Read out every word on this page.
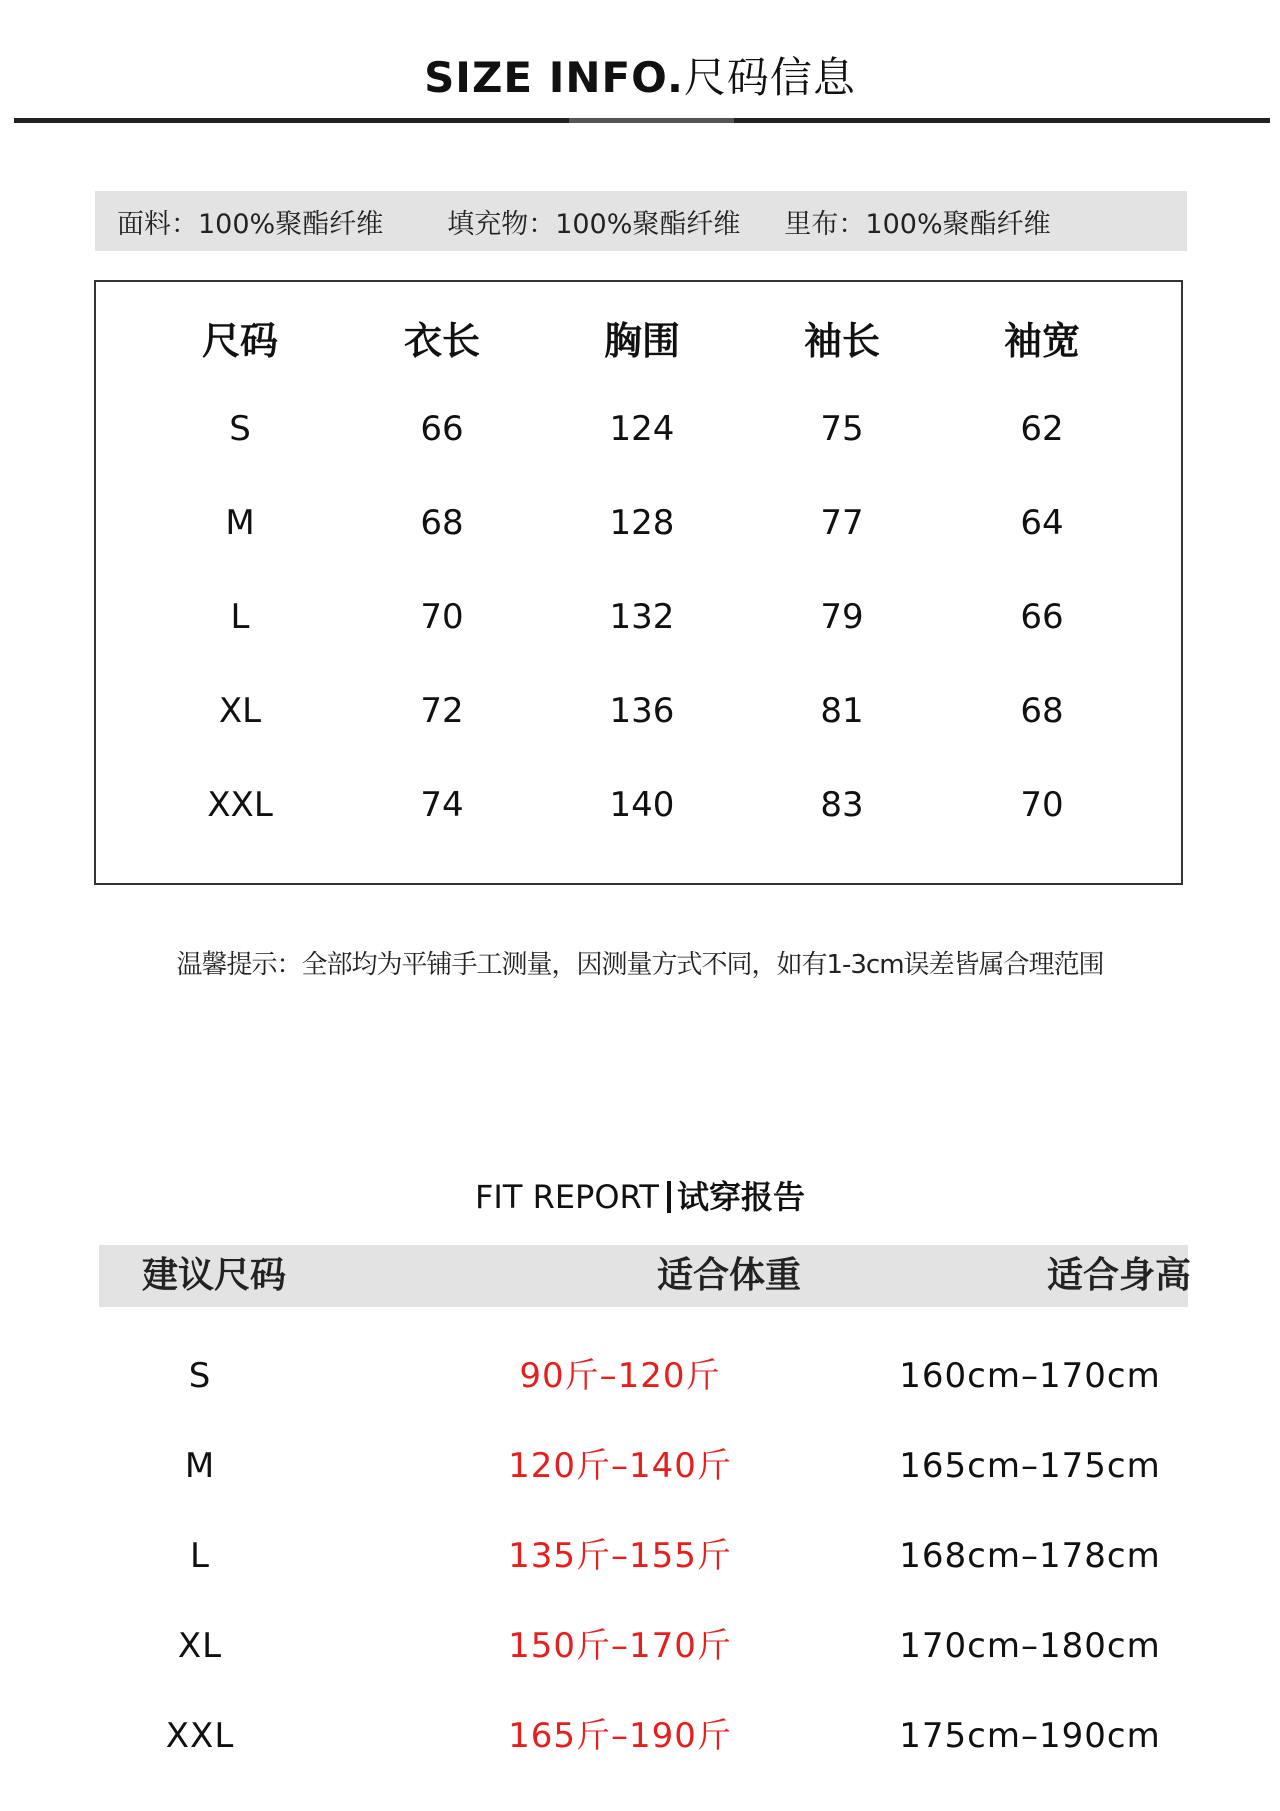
SIZE INFO.尺码信息
面料：100%聚酯纤维 填充物：100%聚酯纤维 里布：100%聚酯纤维
尺码	衣长	胸围	袖长	袖宽
S	66	124	75	62
M	68	128	77	64
L	70	132	79	66
XL	72	136	81	68
XXL	74	140	83	70
温馨提示：全部均为平铺手工测量，因测量方式不同，如有1-3cm误差皆属合理范围
FIT REPORT 试穿报告
建议尺码	适合体重	适合身高
S	90斤–120斤	160cm–170cm
M	120斤–140斤	165cm–175cm
L	135斤–155斤	168cm–178cm
XL	150斤–170斤	170cm–180cm
XXL	165斤–190斤	175cm–190cm
